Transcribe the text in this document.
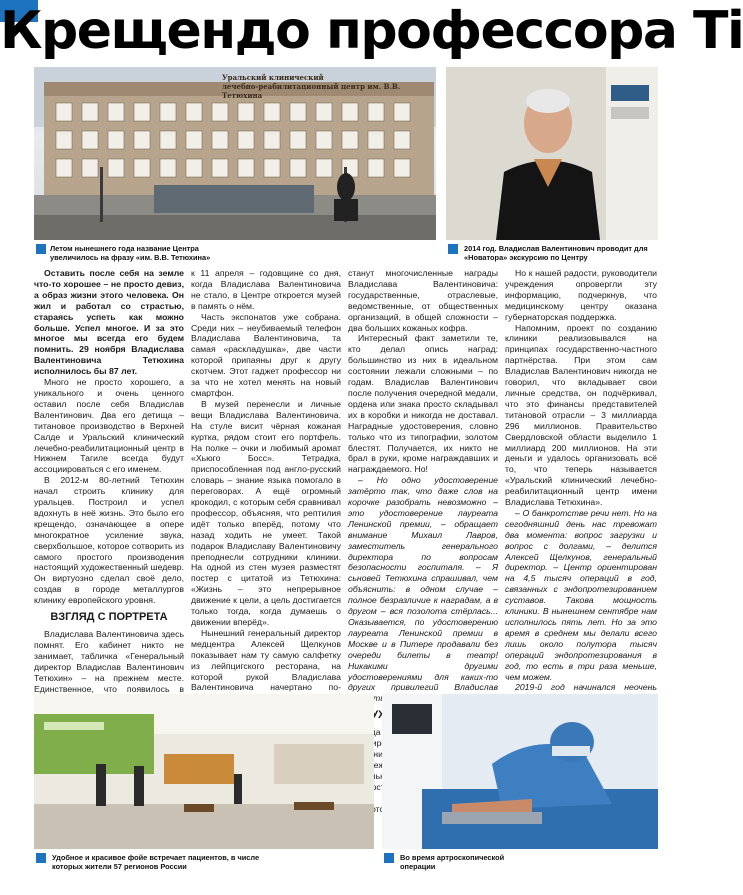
Крещендо профессора Ті
Уральский клинический
лечебно-реабилитационный центр им. В.В. Тетюхина
Летом нынешнего года название Центра увеличилось на фразу «им. В.В. Тетюхина»
2014 год. Владислав Валентинович проводит для «Новатора» экскурсию по Центру

Оставить после себя на земле что-то хорошее – не просто девиз, а образ жизни этого человека. Он жил и работал со страстью, стараясь успеть как можно больше. Успел многое. И за это многое мы всегда его будем помнить. 29 ноября Владислава Валентиновича Тетюхина исполнилось бы 87 лет.

Много не просто хорошего, а уникального и очень ценного оставил после себя Владислав Валентинович. Два его детища – титановое производство в Верхней Салде и Уральский клинический лечебно-реабилитационный центр в Нижнем Тагиле всегда будут ассоциироваться с его именем.

В 2012-м 80-летний Тетюхин начал строить клинику для уральцев. Построил и успел вдохнуть в неё жизнь. Это было его крещендо, означающее в опере многократное усиление звука, сверхбольшое, которое сотворить из самого простого производения настоящий художественный шедевр. Он виртуозно сделал своё дело, создав в городе металлургов клинику европейского уровня.

ВЗГЛЯД С ПОРТРЕТА

Владислава Валентиновича здесь помнят. Его кабинет никто не занимает, табличка «Генеральный директор Владислав Валентинович Тетюхин» – на прежнем месте. Единственное, что появилось в

к 11 апреля – годовщине со дня, когда Владислава Валентиновича не стало, в Центре откроется музей в память о нём.

Часть экспонатов уже собрана. Среди них – неубиваемый телефон Владислава Валентиновича, та самая «раскладушка», две части которой припаяны друг к другу скотчем. Этот гаджет профессор ни за что не хотел менять на новый смартфон.

В музей перенесли и личные вещи Владислава Валентиновича. На стуле висит чёрная кожаная куртка, рядом стоит его портфель. На полке – очки и любимый аромат «Хьюго Босс». Тетрадка, приспособленная под англо-русский словарь – знание языка помогало в переговорах. А ещё огромный крокодил, с которым себя сравнивал профессор, объясняя, что рептилия идёт только вперёд, потому что назад ходить не умеет. Такой подарок Владиславу Валентиновичу преподнесли сотрудники клиники. На одной из стен музея разместят постер с цитатой из Тетюхина: «Жизнь – это непрерывное движение к цели, а цель достигается только тогда, когда думаешь о движении вперёд».

Нынешний генеральный директор медцентра Алексей Щелкунов показывает нам ту самую салфетку из лейпцигского ресторана, на которой рукой Владислава Валентиновича начертано по-

станут многочисленные награды Владислава Валентиновича: государственные, отраслевые, ведомственные, от общественных организаций, в общей сложности – два больших кожаных кофра.

Интересный факт заметили те, кто делал опись наград: большинство из них в идеальном состоянии лежали сложными – по годам. Владислав Валентинович после получения очередной медали, ордена или знака просто складывал их в коробки и никогда не доставал. Наградные удостоверения, словно только что из типографии, золотом блестят. Получается, их никто не брал в руки, кроме награждавших и награждаемого. Но!

– Но одно удостоверение затёрто так, что даже слов на корочке разобрать невозможно – это удостоверение лауреата Ленинской премии, – обращает внимание Михаил Лавров, заместитель генерального директора по вопросам безопасности госпиталя. – Я сьновей Тетюхина спрашивал, чем объяснить: в одном случае – полное безразличие к наградам, а в другом – вся позолота стёрлась... Оказывается, по удостоверению лауреата Ленинской премии в Москве и в Питере продавали без очереди билеты в театр! Никакими другими удостоверениями для каких-то других привилегий Владислав Валентинович

СЛУХИ

спланировали прежде

Но к нашей радости, руководители учреждения опровергли эту информацию, подчеркнув, что медицинскому центру оказана губернаторская поддержка.

Напомним, проект по созданию клиники реализовывался на принципах государственно-частного партнёрства. При этом сам Владислав Валентинович никогда не говорил, что вкладывает свои личные средства, он подчёркивал, что это финансы представителей титановой отрасли – 3 миллиарда 296 миллионов. Правительство Свердловской области выделило 1 миллиард 200 миллионов. На эти деньги и удалось организовать всё то, что теперь называется «Уральский клинический лечебно-реабилитационный центр имени Владислава Тетюхина».

– О банкротстве речи нет. Но на сегодняшний день нас тревожат два момента: вопрос загрузки и вопрос с долгами, – делится Алексей Щелкунов, генеральный директор. – Центр ориентирован на 4,5 тысяч операций в год, связанных с эндопротезированием суставов. Такова мощность клиники. В нынешнем сентябре нам исполнилось пять лет. Но за это время в среднем мы делали всего лишь около полутора тысяч операций эндопротезирования в год, то есть в три раза меньше, чем можем.

2019-й год начинался неочень

Удобное и красивое фойе встречает пациентов, в числе которых жители 57 регионов России
Во время артроскопической операции
